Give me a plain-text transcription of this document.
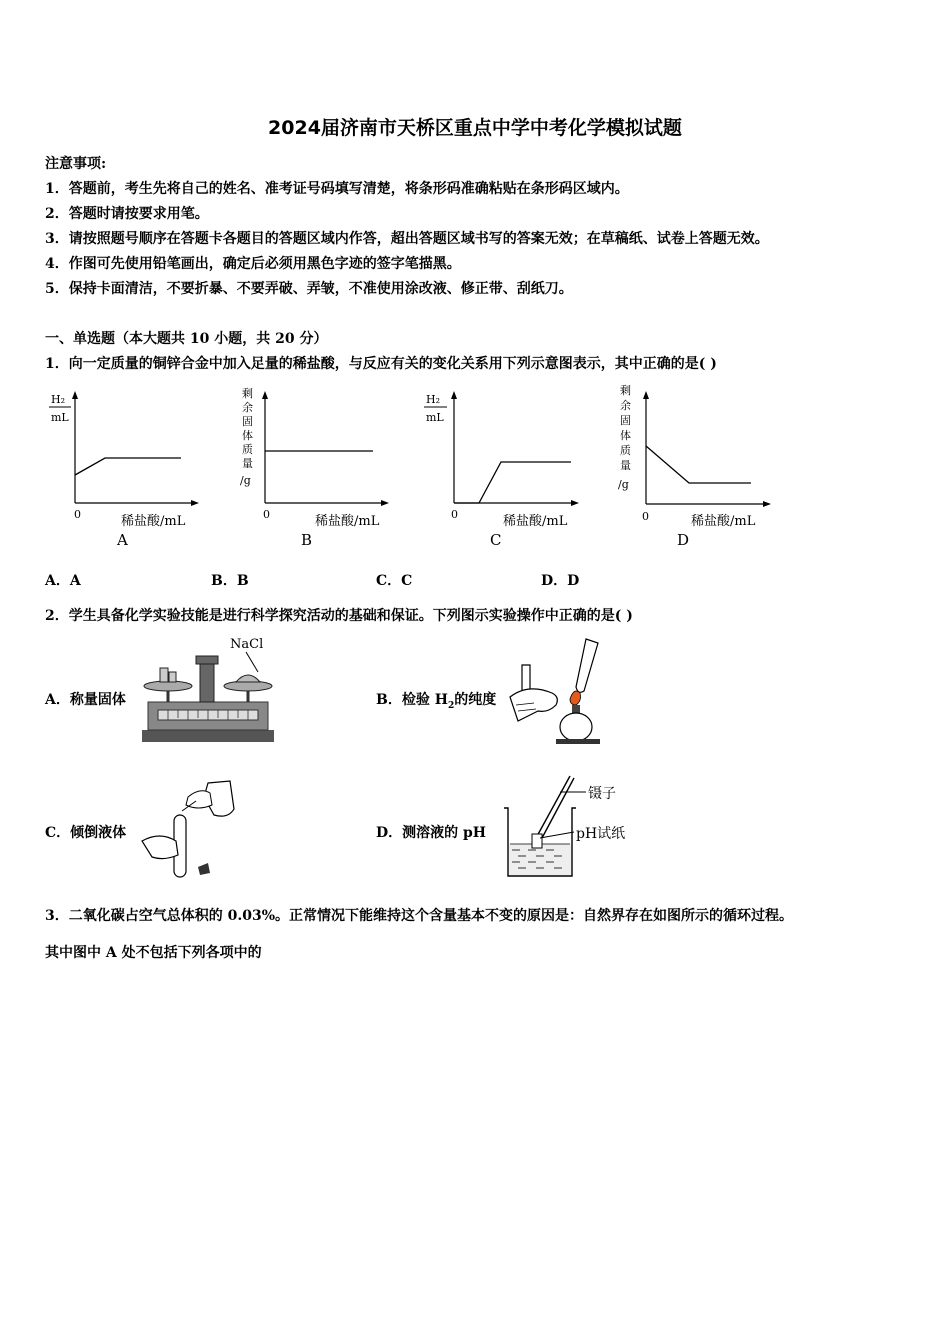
2024届济南市天桥区重点中学中考化学模拟试题
注意事项:
1．答题前，考生先将自己的姓名、准考证号码填写清楚，将条形码准确粘贴在条形码区域内。
2．答题时请按要求用笔。
3．请按照题号顺序在答题卡各题目的答题区域内作答，超出答题区域书写的答案无效；在草稿纸、试卷上答题无效。
4．作图可先使用铅笔画出，确定后必须用黑色字迹的签字笔描黑。
5．保持卡面清洁，不要折暴、不要弄破、弄皱，不准使用涂改液、修正带、刮纸刀。
一、单选题（本大题共 10 小题，共 20 分）
1．向一定质量的铜锌合金中加入足量的稀盐酸，与反应有关的变化关系用下列示意图表示，其中正确的是( )
H₂
mL
0	稀盐酸/mL
A
剩
余
固
体
质
量
/g
0	稀盐酸/mL
B
H₂
mL
0	稀盐酸/mL
C
剩
余
固
体
质
量
/g
0	稀盐酸/mL
D
A．A	B．B	C．C	D．D
2．学生具备化学实验技能是进行科学探究活动的基础和保证。下列图示实验操作中正确的是( )
A．称量固体
NaCl
B．检验 $H_2$的纯度
C．倾倒液体	D．测溶液的 pH
镊子
pH试纸
3．二氧化碳占空气总体积的 0.03%。正常情况下能维持这个含量基本不变的原因是：自然界存在如图所示的循环过程。
其中图中 A 处不包括下列各项中的
